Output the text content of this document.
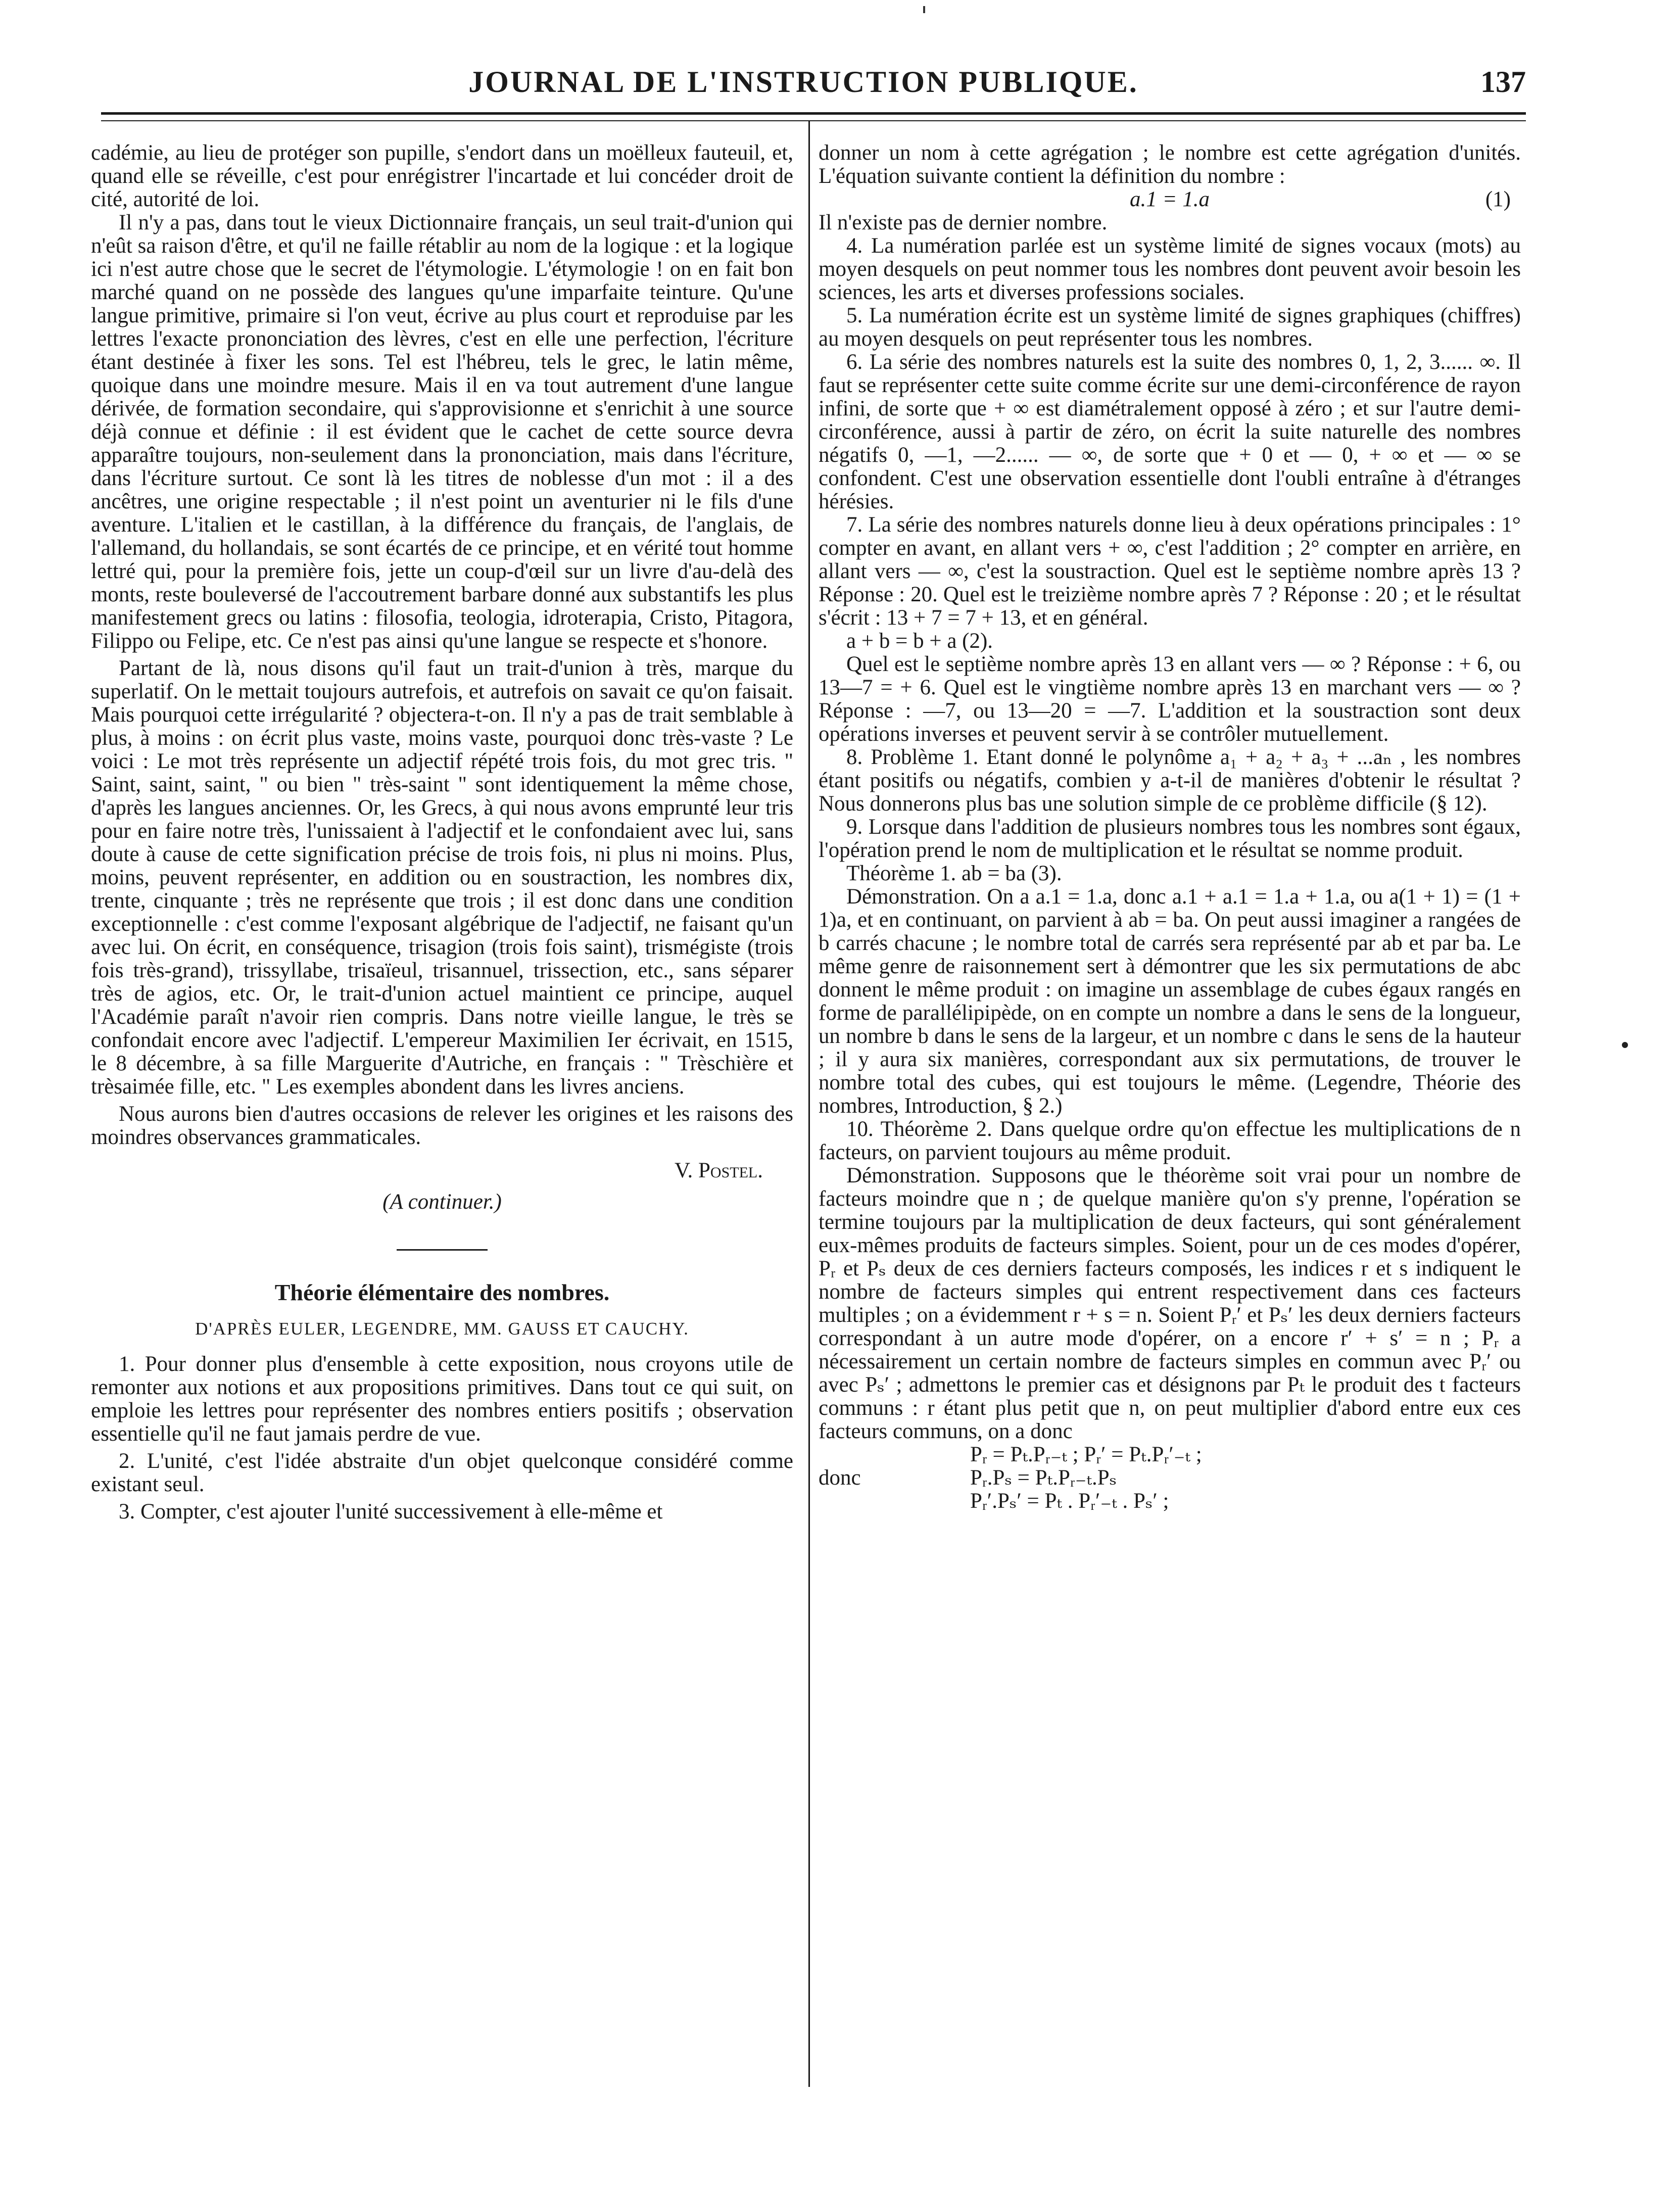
JOURNAL DE L'INSTRUCTION PUBLIQUE.	137

cadémie, au lieu de protéger son pupille, s'endort dans un moëlleux fauteuil, et, quand elle se réveille, c'est pour enrégistrer l'incartade et lui concéder droit de cité, autorité de loi.

Il n'y a pas, dans tout le vieux Dictionnaire français, un seul trait-d'union qui n'eût sa raison d'être, et qu'il ne faille rétablir au nom de la logique : et la logique ici n'est autre chose que le secret de l'étymologie. L'étymologie ! on en fait bon marché quand on ne possède des langues qu'une imparfaite teinture. Qu'une langue primitive, primaire si l'on veut, écrive au plus court et reproduise par les lettres l'exacte prononciation des lèvres, c'est en elle une perfection, l'écriture étant destinée à fixer les sons. Tel est l'hébreu, tels le grec, le latin même, quoique dans une moindre mesure. Mais il en va tout autrement d'une langue dérivée, de formation secondaire, qui s'approvisionne et s'enrichit à une source déjà connue et définie : il est évident que le cachet de cette source devra apparaître toujours, non-seulement dans la prononciation, mais dans l'écriture, dans l'écriture surtout. Ce sont là les titres de noblesse d'un mot : il a des ancêtres, une origine respectable ; il n'est point un aventurier ni le fils d'une aventure. L'italien et le castillan, à la différence du français, de l'anglais, de l'allemand, du hollandais, se sont écartés de ce principe, et en vérité tout homme lettré qui, pour la première fois, jette un coup-d'œil sur un livre d'au-delà des monts, reste bouleversé de l'accoutrement barbare donné aux substantifs les plus manifestement grecs ou latins : filosofia, teologia, idroterapia, Cristo, Pitagora, Filippo ou Felipe, etc. Ce n'est pas ainsi qu'une langue se respecte et s'honore.

Partant de là, nous disons qu'il faut un trait-d'union à très, marque du superlatif. On le mettait toujours autrefois, et autrefois on savait ce qu'on faisait. Mais pourquoi cette irrégularité ? objectera-t-on. Il n'y a pas de trait semblable à plus, à moins : on écrit plus vaste, moins vaste, pourquoi donc très-vaste ? Le voici : Le mot très représente un adjectif répété trois fois, du mot grec tris. " Saint, saint, saint, " ou bien " très-saint " sont identiquement la même chose, d'après les langues anciennes. Or, les Grecs, à qui nous avons emprunté leur tris pour en faire notre très, l'unissaient à l'adjectif et le confondaient avec lui, sans doute à cause de cette signification précise de trois fois, ni plus ni moins. Plus, moins, peuvent représenter, en addition ou en soustraction, les nombres dix, trente, cinquante ; très ne représente que trois ; il est donc dans une condition exceptionnelle : c'est comme l'exposant algébrique de l'adjectif, ne faisant qu'un avec lui. On écrit, en conséquence, trisagion (trois fois saint), trismégiste (trois fois très-grand), trissyllabe, trisaïeul, trisannuel, trissection, etc., sans séparer très de agios, etc. Or, le trait-d'union actuel maintient ce principe, auquel l'Académie paraît n'avoir rien compris. Dans notre vieille langue, le très se confondait encore avec l'adjectif. L'empereur Maximilien Ier écrivait, en 1515, le 8 décembre, à sa fille Marguerite d'Autriche, en français : " Trèschière et trèsaimée fille, etc. " Les exemples abondent dans les livres anciens.

Nous aurons bien d'autres occasions de relever les origines et les raisons des moindres observances grammaticales.

V. Postel.
(A continuer.)
Théorie élémentaire des nombres.
D'APRÈS EULER, LEGENDRE, MM. GAUSS ET CAUCHY.

1. Pour donner plus d'ensemble à cette exposition, nous croyons utile de remonter aux notions et aux propositions primitives. Dans tout ce qui suit, on emploie les lettres pour représenter des nombres entiers positifs ; observation essentielle qu'il ne faut jamais perdre de vue.

2. L'unité, c'est l'idée abstraite d'un objet quelconque considéré comme existant seul.

3. Compter, c'est ajouter l'unité successivement à elle-même et

donner un nom à cette agrégation ; le nombre est cette agrégation d'unités. L'équation suivante contient la définition du nombre :

a.1 = 1.a	(1)

Il n'existe pas de dernier nombre.

4. La numération parlée est un système limité de signes vocaux (mots) au moyen desquels on peut nommer tous les nombres dont peuvent avoir besoin les sciences, les arts et diverses professions sociales.

5. La numération écrite est un système limité de signes graphiques (chiffres) au moyen desquels on peut représenter tous les nombres.

6. La série des nombres naturels est la suite des nombres 0, 1, 2, 3...... ∞. Il faut se représenter cette suite comme écrite sur une demi-circonférence de rayon infini, de sorte que + ∞ est diamétralement opposé à zéro ; et sur l'autre demi-circonférence, aussi à partir de zéro, on écrit la suite naturelle des nombres négatifs 0, —1, —2...... — ∞, de sorte que + 0 et — 0, + ∞ et — ∞ se confondent. C'est une observation essentielle dont l'oubli entraîne à d'étranges hérésies.

7. La série des nombres naturels donne lieu à deux opérations principales : 1° compter en avant, en allant vers + ∞, c'est l'addition ; 2° compter en arrière, en allant vers — ∞, c'est la soustraction. Quel est le septième nombre après 13 ? Réponse : 20. Quel est le treizième nombre après 7 ? Réponse : 20 ; et le résultat s'écrit : 13 + 7 = 7 + 13, et en général.

a + b = b + a (2).

Quel est le septième nombre après 13 en allant vers — ∞ ? Réponse : + 6, ou 13—7 = + 6. Quel est le vingtième nombre après 13 en marchant vers — ∞ ? Réponse : —7, ou 13—20 = —7. L'addition et la soustraction sont deux opérations inverses et peuvent servir à se contrôler mutuellement.

8. Problème 1. Etant donné le polynôme a₁ + a₂ + a₃ + ...aₙ , les nombres étant positifs ou négatifs, combien y a-t-il de manières d'obtenir le résultat ? Nous donnerons plus bas une solution simple de ce problème difficile (§ 12).

9. Lorsque dans l'addition de plusieurs nombres tous les nombres sont égaux, l'opération prend le nom de multiplication et le résultat se nomme produit.

Théorème 1. ab = ba (3).

Démonstration. On a a.1 = 1.a, donc a.1 + a.1 = 1.a + 1.a, ou a(1 + 1) = (1 + 1)a, et en continuant, on parvient à ab = ba. On peut aussi imaginer a rangées de b carrés chacune ; le nombre total de carrés sera représenté par ab et par ba. Le même genre de raisonnement sert à démontrer que les six permutations de abc donnent le même produit : on imagine un assemblage de cubes égaux rangés en forme de parallélipipède, on en compte un nombre a dans le sens de la longueur, un nombre b dans le sens de la largeur, et un nombre c dans le sens de la hauteur ; il y aura six manières, correspondant aux six permutations, de trouver le nombre total des cubes, qui est toujours le même. (Legendre, Théorie des nombres, Introduction, § 2.)

10. Théorème 2. Dans quelque ordre qu'on effectue les multiplications de n facteurs, on parvient toujours au même produit.

Démonstration. Supposons que le théorème soit vrai pour un nombre de facteurs moindre que n ; de quelque manière qu'on s'y prenne, l'opération se termine toujours par la multiplication de deux facteurs, qui sont généralement eux-mêmes produits de facteurs simples. Soient, pour un de ces modes d'opérer, Pᵣ et Pₛ deux de ces derniers facteurs composés, les indices r et s indiquent le nombre de facteurs simples qui entrent respectivement dans ces facteurs multiples ; on a évidemment r + s = n. Soient Pᵣ′ et Pₛ′ les deux derniers facteurs correspondant à un autre mode d'opérer, on a encore r′ + s′ = n ; Pᵣ a nécessairement un certain nombre de facteurs simples en commun avec Pᵣ′ ou avec Pₛ′ ; admettons le premier cas et désignons par Pₜ le produit des t facteurs communs : r étant plus petit que n, on peut multiplier d'abord entre eux ces facteurs communs, on a donc

Pᵣ = Pₜ.Pᵣ₋ₜ ; Pᵣ′ = Pₜ.Pᵣ′₋ₜ ;
donc	Pᵣ.Pₛ = Pₜ.Pᵣ₋ₜ.Pₛ
Pᵣ′.Pₛ′ = Pₜ . Pᵣ′₋ₜ . Pₛ′ ;
